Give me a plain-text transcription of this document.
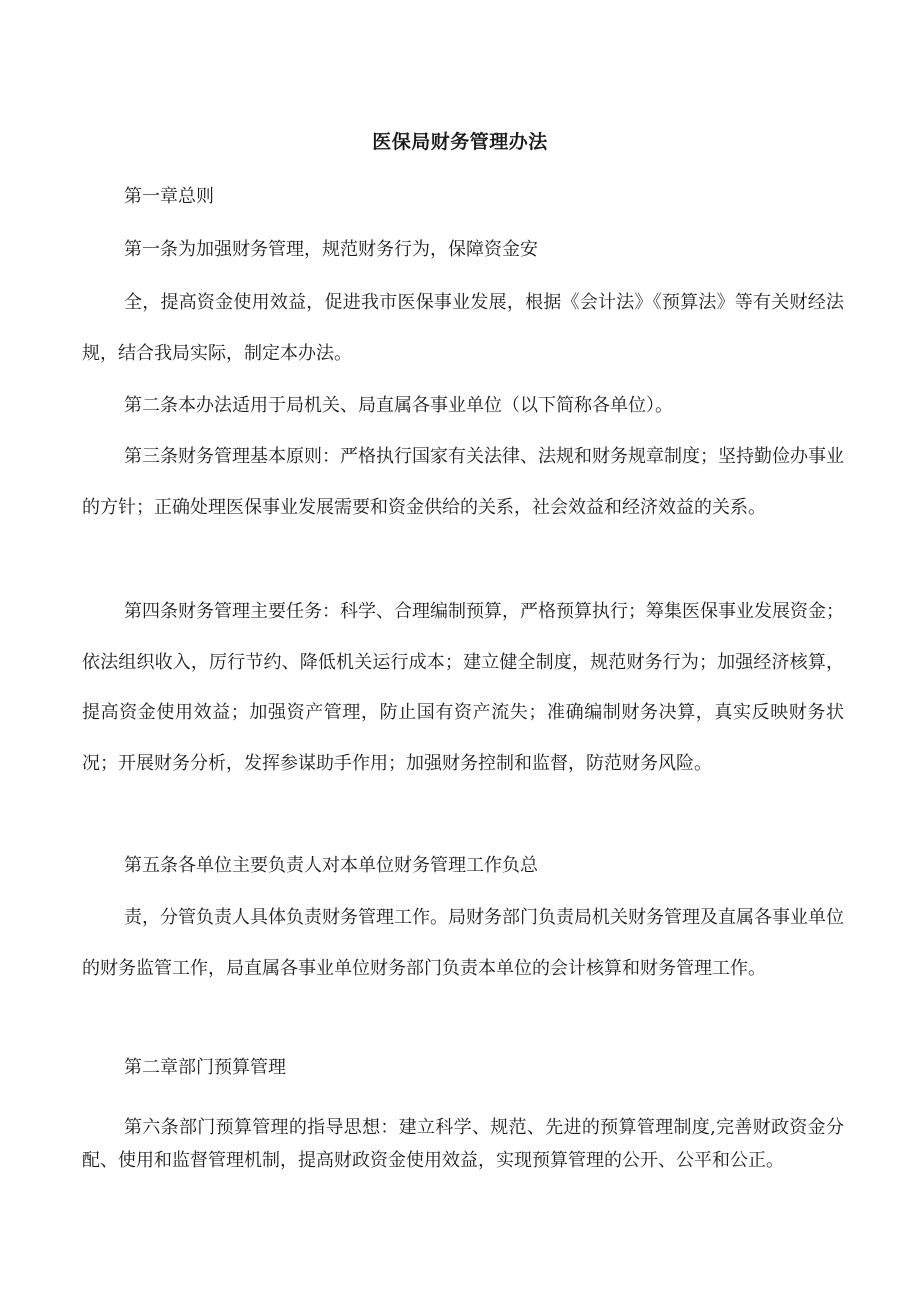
医保局财务管理办法

第一章总则

第一条为加强财务管理，规范财务行为，保障资金安

全，提高资金使用效益，促进我市医保事业发展，根据《会计法》《预算法》等有关财经法规，结合我局实际，制定本办法。

第二条本办法适用于局机关、局直属各事业单位（以下简称各单位）。

第三条财务管理基本原则：严格执行国家有关法律、法规和财务规章制度；坚持勤俭办事业的方针；正确处理医保事业发展需要和资金供给的关系，社会效益和经济效益的关系。

第四条财务管理主要任务：科学、合理编制预算，严格预算执行；筹集医保事业发展资金；依法组织收入，厉行节约、降低机关运行成本；建立健全制度，规范财务行为；加强经济核算，提高资金使用效益；加强资产管理，防止国有资产流失；准确编制财务决算，真实反映财务状况；开展财务分析，发挥参谋助手作用；加强财务控制和监督，防范财务风险。

第五条各单位主要负责人对本单位财务管理工作负总

责，分管负责人具体负责财务管理工作。局财务部门负责局机关财务管理及直属各事业单位的财务监管工作，局直属各事业单位财务部门负责本单位的会计核算和财务管理工作。

第二章部门预算管理

第六条部门预算管理的指导思想：建立科学、规范、先进的预算管理制度,完善财政资金分配、使用和监督管理机制，提高财政资金使用效益，实现预算管理的公开、公平和公正。
